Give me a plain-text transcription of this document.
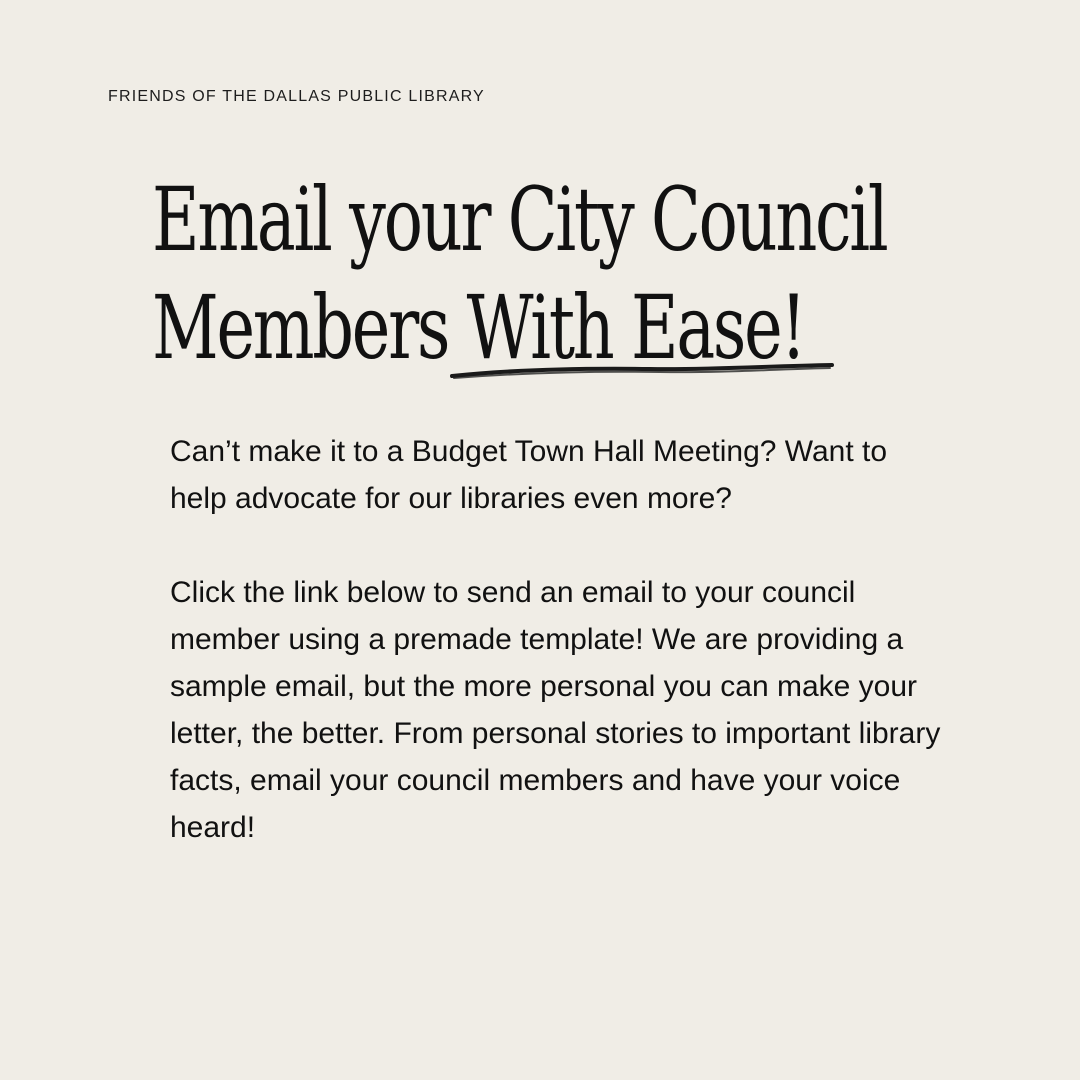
FRIENDS OF THE DALLAS PUBLIC LIBRARY
Email your City Council
Members With Ease!

Can’t make it to a Budget Town Hall Meeting? Want to help advocate for our libraries even more?

Click the link below to send an email to your council member using a premade template! We are providing a sample email, but the more personal you can make your letter, the better. From personal stories to important library facts, email your council members and have your voice heard!
